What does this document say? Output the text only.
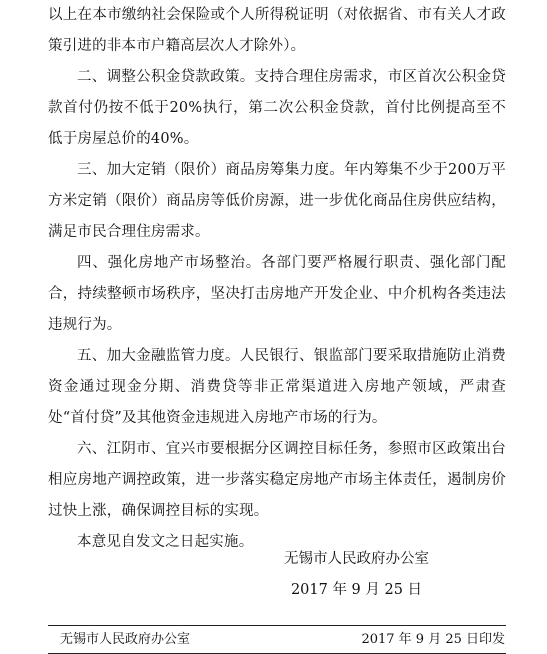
以上在本市缴纳社会保险或个人所得税证明（对依据省、市有关人才政策引进的非本市户籍高层次人才除外）。

二、调整公积金贷款政策。支持合理住房需求，市区首次公积金贷款首付仍按不低于20%执行，第二次公积金贷款，首付比例提高至不低于房屋总价的40%。

三、加大定销（限价）商品房筹集力度。年内筹集不少于200万平方米定销（限价）商品房等低价房源，进一步优化商品住房供应结构，满足市民合理住房需求。

四、强化房地产市场整治。各部门要严格履行职责、强化部门配合，持续整顿市场秩序，坚决打击房地产开发企业、中介机构各类违法违规行为。

五、加大金融监管力度。人民银行、银监部门要采取措施防止消费资金通过现金分期、消费贷等非正常渠道进入房地产领域，严肃查处“首付贷”及其他资金违规进入房地产市场的行为。

六、江阴市、宜兴市要根据分区调控目标任务，参照市区政策出台相应房地产调控政策，进一步落实稳定房地产市场主体责任，遏制房价过快上涨，确保调控目标的实现。

本意见自发文之日起实施。

无锡市人民政府办公室
2017 年 9 月 25 日
无锡市人民政府办公室	2017 年 9 月 25 日印发
